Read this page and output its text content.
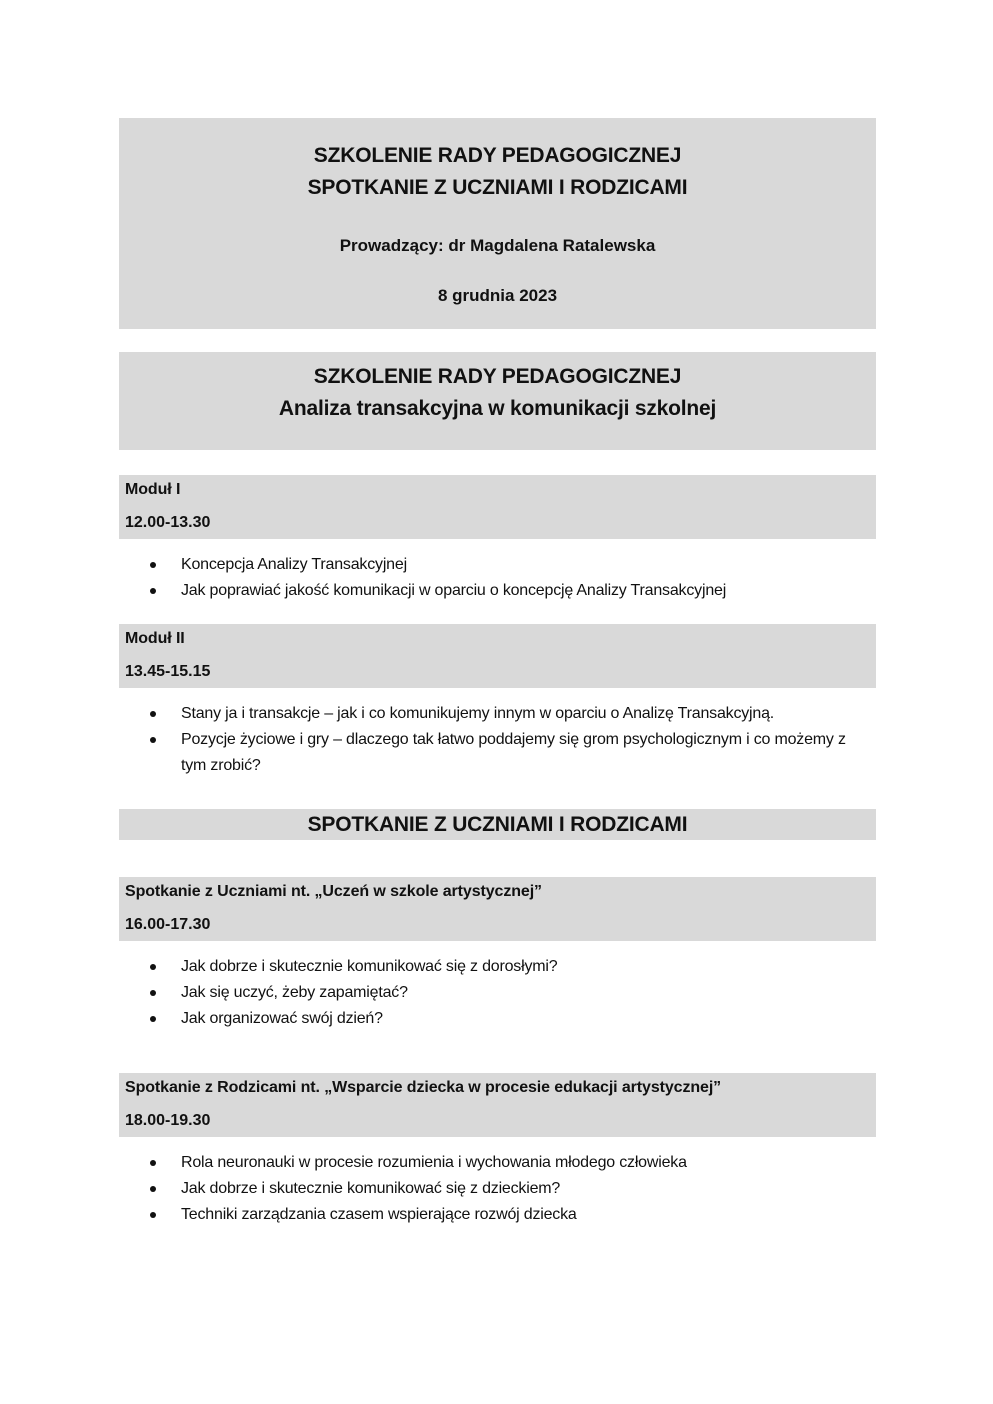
SZKOLENIE RADY PEDAGOGICZNEJ
SPOTKANIE Z UCZNIAMI I RODZICAMI
Prowadzący: dr Magdalena Ratalewska
8 grudnia 2023
SZKOLENIE RADY PEDAGOGICZNEJ
Analiza transakcyjna w komunikacji szkolnej
Moduł I
12.00-13.30
Koncepcja Analizy Transakcyjnej
Jak poprawiać jakość komunikacji w oparciu o koncepcję Analizy Transakcyjnej
Moduł II
13.45-15.15
Stany ja i transakcje – jak i co komunikujemy innym w oparciu o Analizę Transakcyjną.
Pozycje życiowe i gry – dlaczego tak łatwo poddajemy się grom psychologicznym i co możemy z tym zrobić?
SPOTKANIE Z UCZNIAMI I RODZICAMI
Spotkanie z Uczniami nt. „Uczeń w szkole artystycznej”
16.00-17.30
Jak dobrze i skutecznie komunikować się z dorosłymi?
Jak się uczyć, żeby zapamiętać?
Jak organizować swój dzień?
Spotkanie z Rodzicami nt. „Wsparcie dziecka w procesie edukacji artystycznej”
18.00-19.30
Rola neuronauki w procesie rozumienia i wychowania młodego człowieka
Jak dobrze i skutecznie komunikować się z dzieckiem?
Techniki zarządzania czasem wspierające rozwój dziecka
